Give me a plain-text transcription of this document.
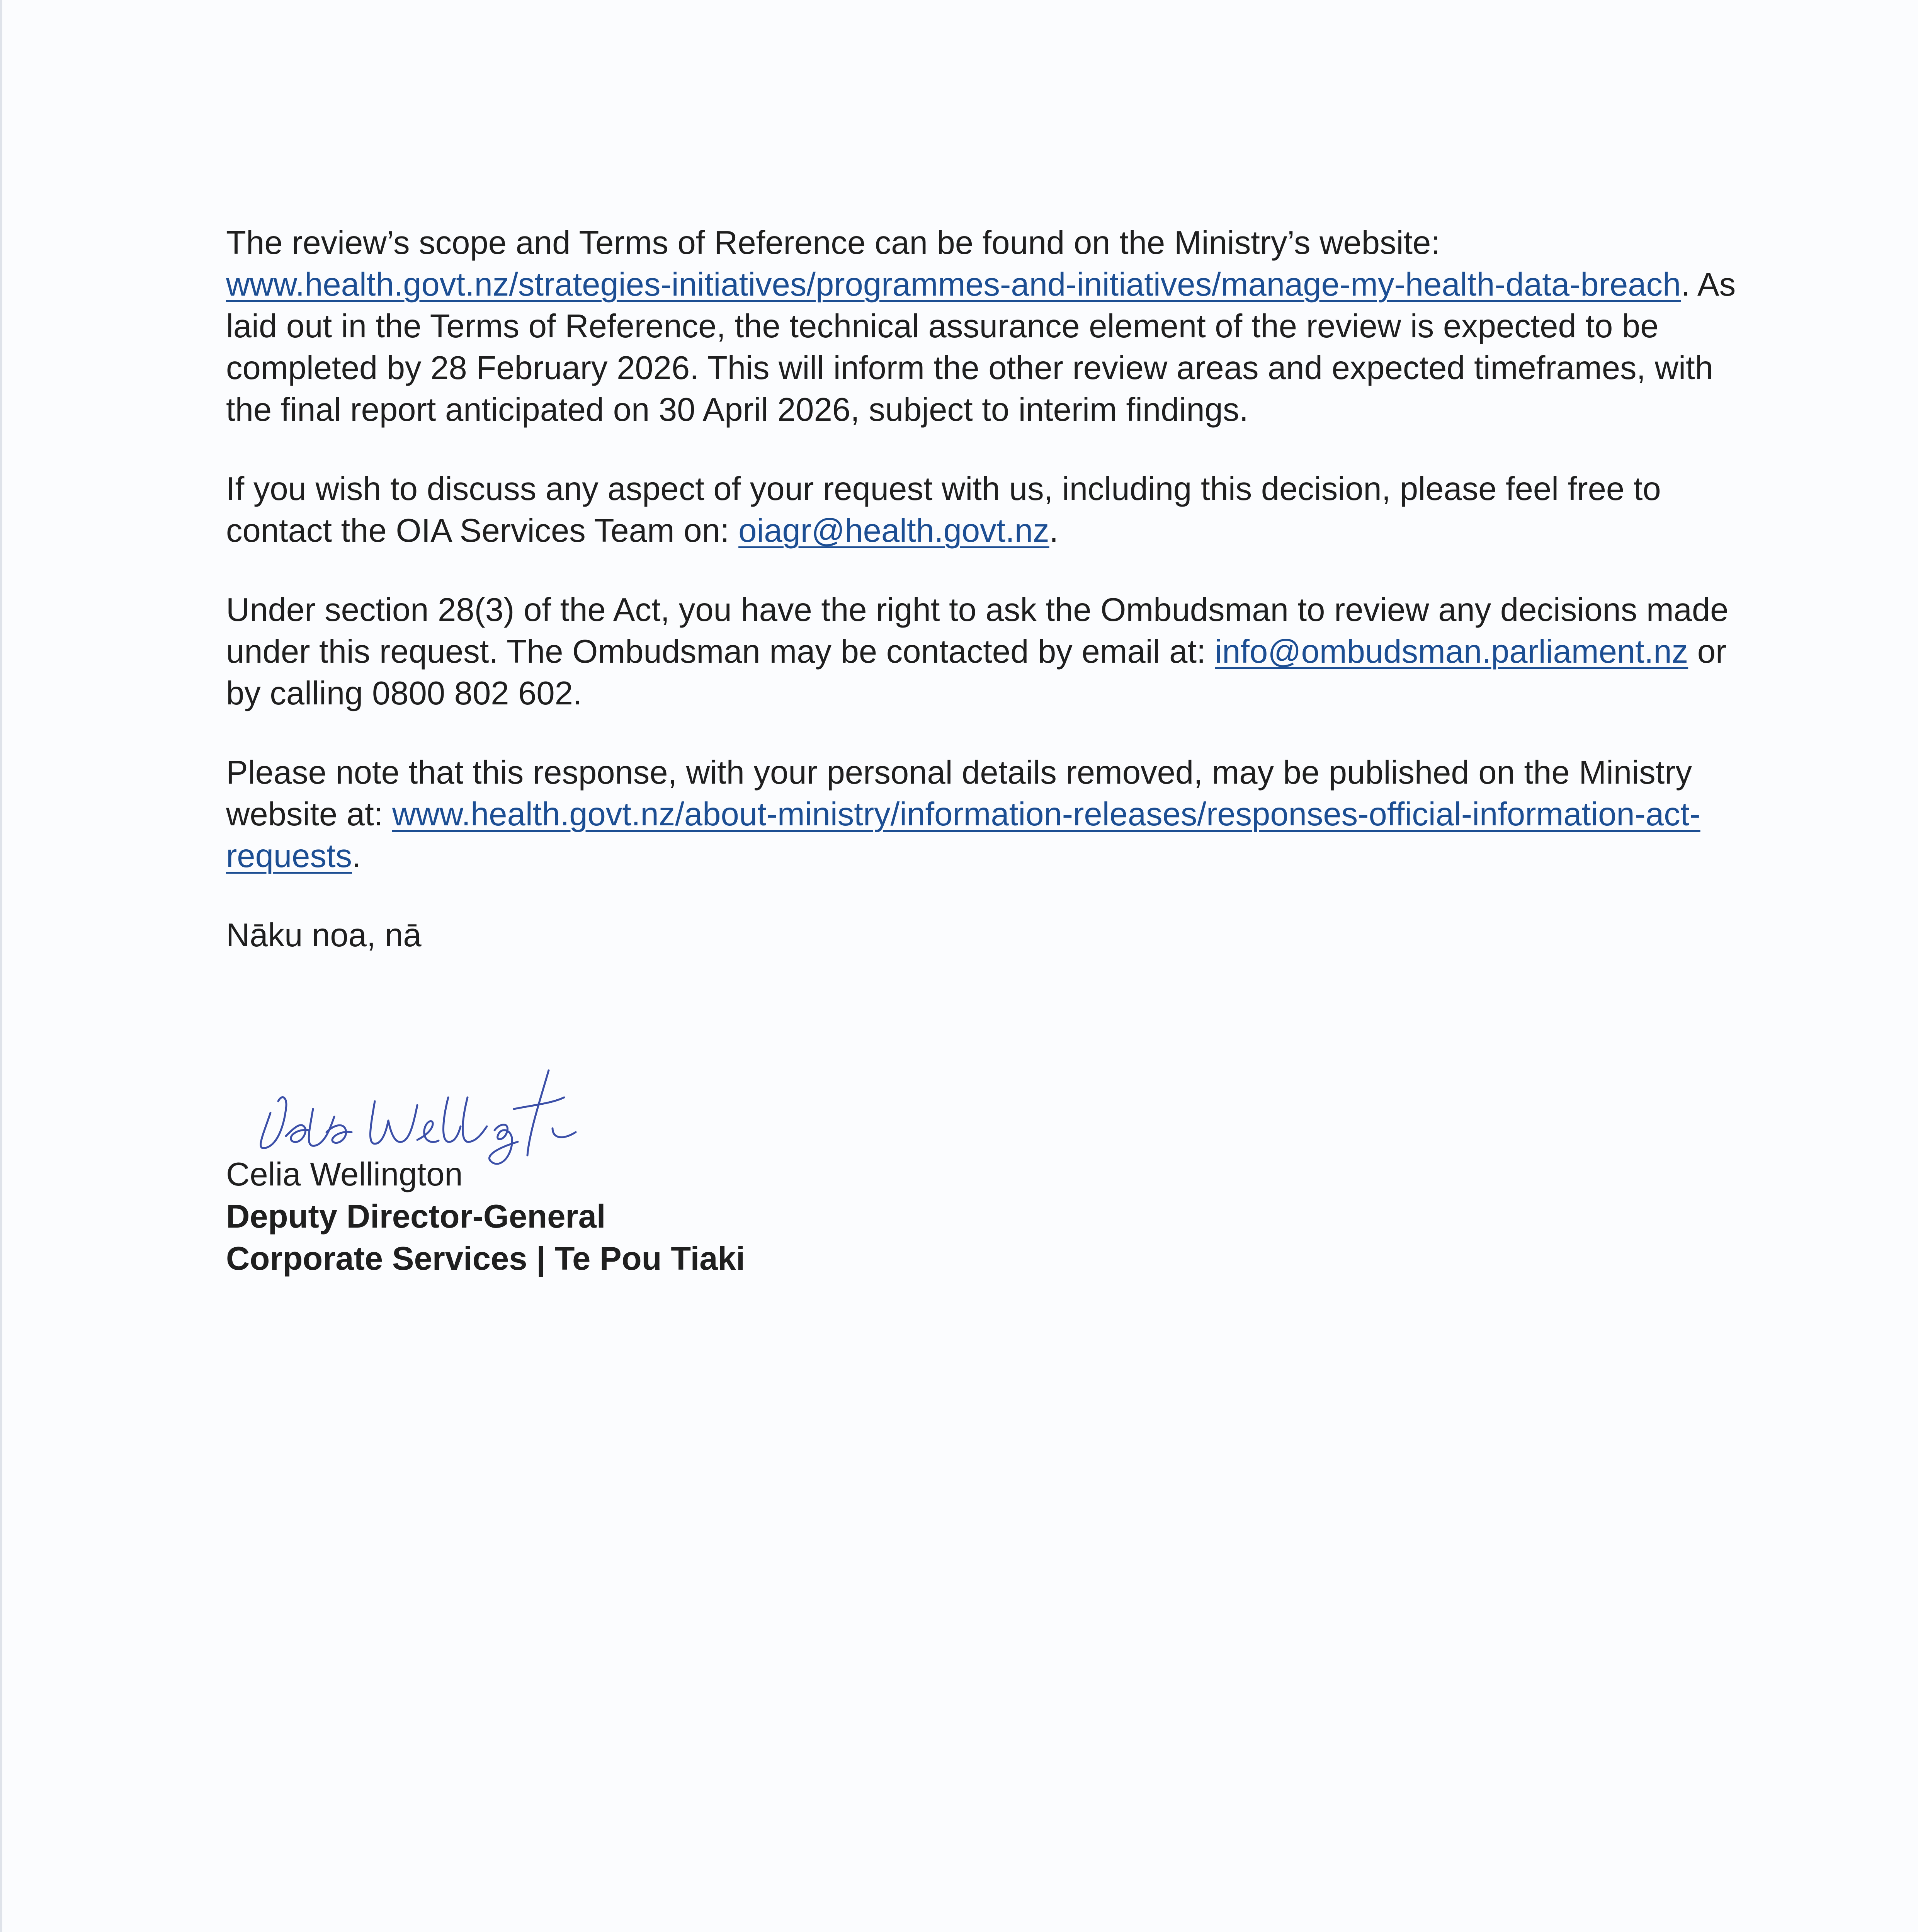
The review’s scope and Terms of Reference can be found on the Ministry’s website: www.health.govt.nz/strategies-initiatives/programmes-and-initiatives/manage-my-health-data-breach. As laid out in the Terms of Reference, the technical assurance element of the review is expected to be completed by 28 February 2026. This will inform the other review areas and expected timeframes, with the final report anticipated on 30 April 2026, subject to interim findings.

If you wish to discuss any aspect of your request with us, including this decision, please feel free to contact the OIA Services Team on: oiagr@health.govt.nz.

Under section 28(3) of the Act, you have the right to ask the Ombudsman to review any decisions made under this request. The Ombudsman may be contacted by email at: info@ombudsman.parliament.nz or by calling 0800 802 602.

Please note that this response, with your personal details removed, may be published on the Ministry website at: www.health.govt.nz/about-ministry/information-releases/responses-official-information-act-requests.

Nāku noa, nā

Celia Wellington
Deputy Director-General
Corporate Services | Te Pou Tiaki
